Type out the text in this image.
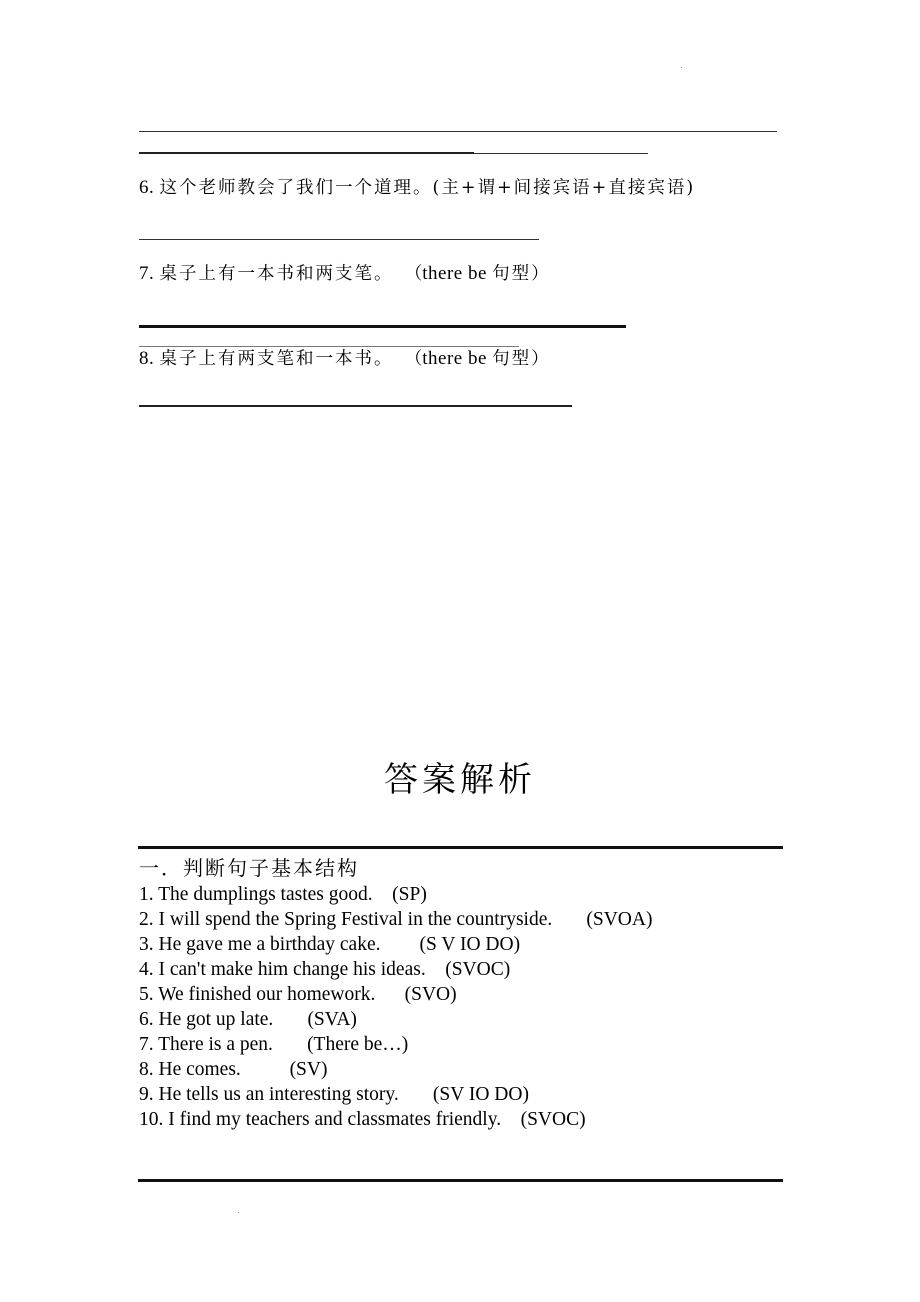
6. 这个老师教会了我们一个道理。(主+谓+间接宾语+直接宾语)
7. 桌子上有一本书和两支笔。 （there be 句型）
8. 桌子上有两支笔和一本书。 （there be 句型）
答案解析
一．判断句子基本结构
1. The dumplings tastes good. (SP)
2. I will spend the Spring Festival in the countryside. (SVOA)
3. He gave me a birthday cake. (S V IO DO)
4. I can't make him change his ideas. (SVOC)
5. We finished our homework. (SVO)
6. He got up late. (SVA)
7. There is a pen. (There be…)
8. He comes.	(SV)
9. He tells us an interesting story. (SV IO DO)
10. I find my teachers and classmates friendly. (SVOC)
